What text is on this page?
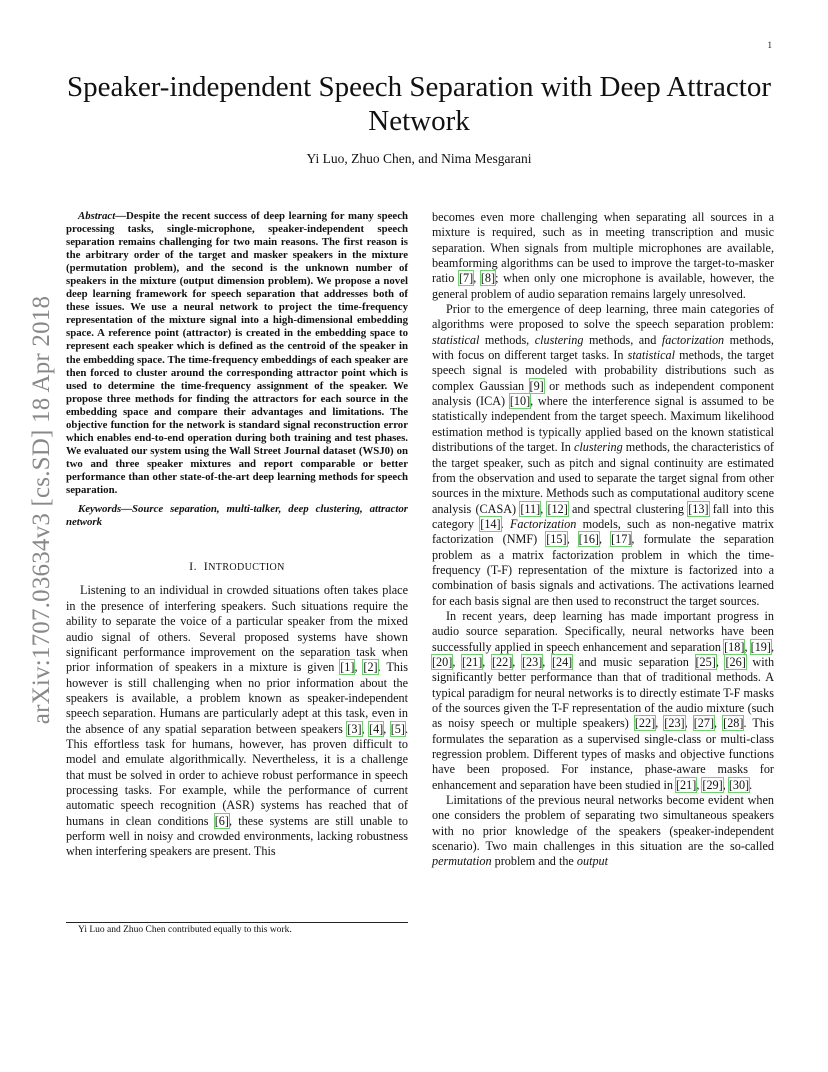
1
arXiv:1707.03634v3 [cs.SD] 18 Apr 2018
Speaker-independent Speech Separation with Deep Attractor Network
Yi Luo, Zhuo Chen, and Nima Mesgarani

Abstract—Despite the recent success of deep learning for many speech processing tasks, single-microphone, speaker-independent speech separation remains challenging for two main reasons. The first reason is the arbitrary order of the target and masker speakers in the mixture (permutation problem), and the second is the unknown number of speakers in the mixture (output dimension problem). We propose a novel deep learning framework for speech separation that addresses both of these issues. We use a neural network to project the time-frequency representation of the mixture signal into a high-dimensional embedding space. A reference point (attractor) is created in the embedding space to represent each speaker which is defined as the centroid of the speaker in the embedding space. The time-frequency embeddings of each speaker are then forced to cluster around the corresponding attractor point which is used to determine the time-frequency assignment of the speaker. We propose three methods for finding the attractors for each source in the embedding space and compare their advantages and limitations. The objective function for the network is standard signal reconstruction error which enables end-to-end operation during both training and test phases. We evaluated our system using the Wall Street Journal dataset (WSJ0) on two and three speaker mixtures and report comparable or better performance than other state-of-the-art deep learning methods for speech separation.

Keywords—Source separation, multi-talker, deep clustering, attractor network

I. INTRODUCTION

Listening to an individual in crowded situations often takes place in the presence of interfering speakers. Such situations require the ability to separate the voice of a particular speaker from the mixed audio signal of others. Several proposed systems have shown significant performance improvement on the separation task when prior information of speakers in a mixture is given [1], [2]. This however is still challenging when no prior information about the speakers is available, a problem known as speaker-independent speech separation. Humans are particularly adept at this task, even in the absence of any spatial separation between speakers [3], [4], [5]. This effortless task for humans, however, has proven difficult to model and emulate algorithmically. Nevertheless, it is a challenge that must be solved in order to achieve robust performance in speech processing tasks. For example, while the performance of current automatic speech recognition (ASR) systems has reached that of humans in clean conditions [6], these systems are still unable to perform well in noisy and crowded environments, lacking robustness when interfering speakers are present. This

Yi Luo and Zhuo Chen contributed equally to this work.

becomes even more challenging when separating all sources in a mixture is required, such as in meeting transcription and music separation. When signals from multiple microphones are available, beamforming algorithms can be used to improve the target-to-masker ratio [7], [8]; when only one microphone is available, however, the general problem of audio separation remains largely unresolved.

Prior to the emergence of deep learning, three main categories of algorithms were proposed to solve the speech separation problem: statistical methods, clustering methods, and factorization methods, with focus on different target tasks. In statistical methods, the target speech signal is modeled with probability distributions such as complex Gaussian [9] or methods such as independent component analysis (ICA) [10], where the interference signal is assumed to be statistically independent from the target speech. Maximum likelihood estimation method is typically applied based on the known statistical distributions of the target. In clustering methods, the characteristics of the target speaker, such as pitch and signal continuity are estimated from the observation and used to separate the target signal from other sources in the mixture. Methods such as computational auditory scene analysis (CASA) [11], [12] and spectral clustering [13] fall into this category [14]. Factorization models, such as non-negative matrix factorization (NMF) [15], [16], [17], formulate the separation problem as a matrix factorization problem in which the time-frequency (T-F) representation of the mixture is factorized into a combination of basis signals and activations. The activations learned for each basis signal are then used to reconstruct the target sources.

In recent years, deep learning has made important progress in audio source separation. Specifically, neural networks have been successfully applied in speech enhancement and separation [18], [19], [20], [21], [22], [23], [24] and music separation [25], [26] with significantly better performance than that of traditional methods. A typical paradigm for neural networks is to directly estimate T-F masks of the sources given the T-F representation of the audio mixture (such as noisy speech or multiple speakers) [22], [23], [27], [28]. This formulates the separation as a supervised single-class or multi-class regression problem. Different types of masks and objective functions have been proposed. For instance, phase-aware masks for enhancement and separation have been studied in [21], [29], [30].

Limitations of the previous neural networks become evident when one considers the problem of separating two simultaneous speakers with no prior knowledge of the speakers (speaker-independent scenario). Two main challenges in this situation are the so-called permutation problem and the output
